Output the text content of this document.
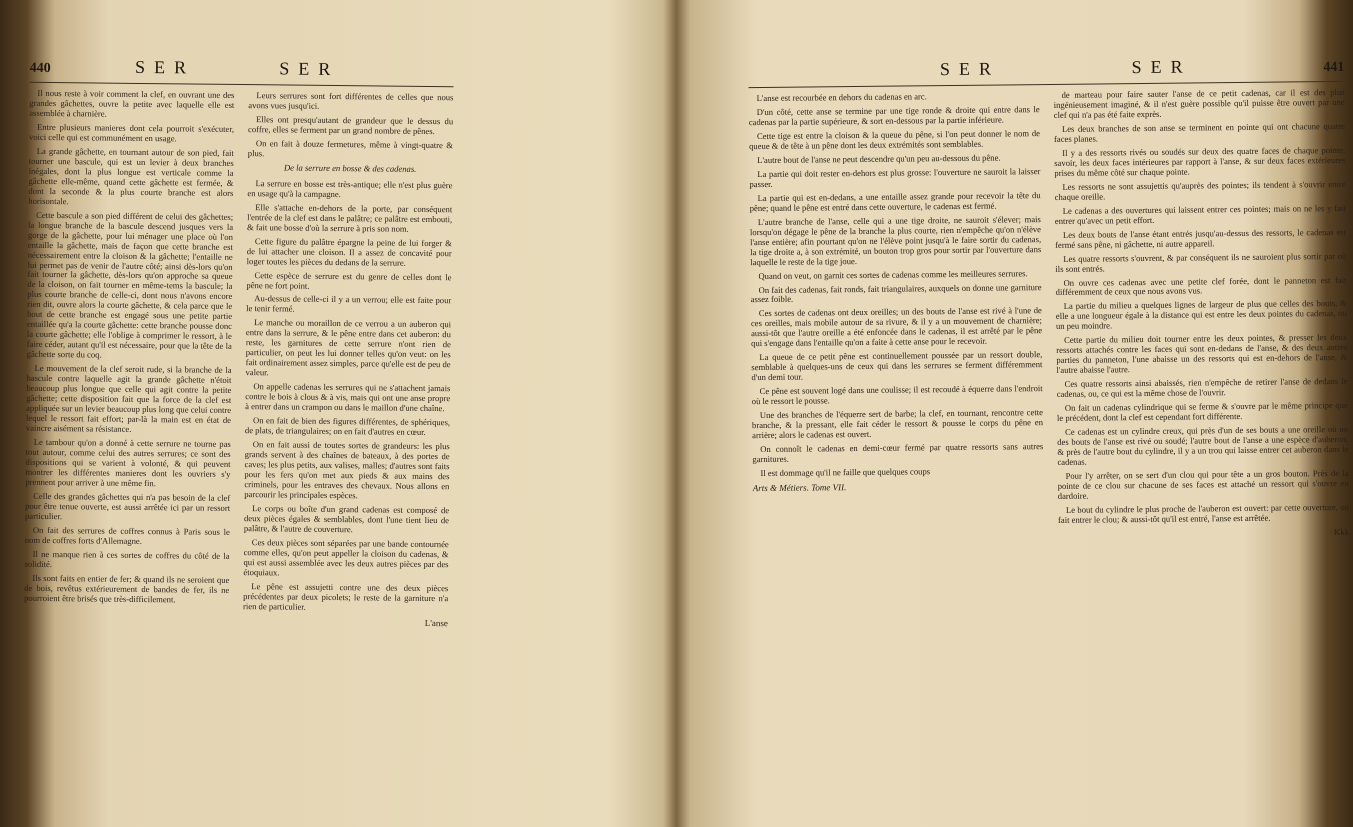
440	SER	SER

Il nous reste à voir comment la clef, en ouvrant une des grandes gâchettes, ouvre la petite avec laquelle elle est assemblée à charnière.

Entre plusieurs manieres dont cela pourroit s'exécuter, voici celle qui est communément en usage.

La grande gâchette, en tournant autour de son pied, fait tourner une bascule, qui est un levier à deux branches inégales, dont la plus longue est verticale comme la gâchette elle-même, quand cette gâchette est fermée, & dont la seconde & la plus courte branche est alors horisontale.

Cette bascule a son pied différent de celui des gâchettes; la longue branche de la bascule descend jusques vers la gorge de la gâchette, pour lui ménager une place où l'on entaille la gâchette, mais de façon que cette branche est nécessairement entre la cloison & la gâchette; l'entaille ne lui permet pas de venir de l'autre côté; ainsi dès-lors qu'on fait tourner la gâchette, dès-lors qu'on approche sa queue de la cloison, on fait tourner en même-tems la bascule; la plus courte branche de celle-ci, dont nous n'avons encore rien dit, ouvre alors la courte gâchette, & cela parce que le bout de cette branche est engagé sous une petite partie entaillée qu'a la courte gâchette: cette branche pousse donc la courte gâchette; elle l'oblige à comprimer le ressort, à le faire céder, autant qu'il est nécessaire, pour que la tête de la gâchette sorte du coq.

Le mouvement de la clef seroit rude, si la branche de la bascule contre laquelle agit la grande gâchette n'étoit beaucoup plus longue que celle qui agit contre la petite gâchette; cette disposition fait que la force de la clef est appliquée sur un levier beaucoup plus long que celui contre lequel le ressort fait effort; par-là la main est en état de vaincre aisément sa résistance.

Le tambour qu'on a donné à cette serrure ne tourne pas tout autour, comme celui des autres serrures; ce sont des dispositions qui se varient à volonté, & qui peuvent montrer les différentes manieres dont les ouvriers s'y prennent pour arriver à une même fin.

Celle des grandes gâchettes qui n'a pas besoin de la clef pour être tenue ouverte, est aussi arrêtée ici par un ressort particulier.

On fait des serrures de coffres connus à Paris sous le nom de coffres forts d'Allemagne.

Il ne manque rien à ces sortes de coffres du côté de la solidité.

Ils sont faits en entier de fer; & quand ils ne seroient que de bois, revêtus extérieurement de bandes de fer, ils ne pourroient être brisés que très-difficilement.

Leurs serrures sont fort différentes de celles que nous avons vues jusqu'ici.

Elles ont presqu'autant de grandeur que le dessus du coffre, elles se ferment par un grand nombre de pênes.

On en fait à douze fermetures, même à vingt-quatre & plus.

De la serrure en bosse & des cadenas.

La serrure en bosse est très-antique; elle n'est plus guère en usage qu'à la campagne.

Elle s'attache en-dehors de la porte, par conséquent l'entrée de la clef est dans le palâtre; ce palâtre est embouti, & fait une bosse d'où la serrure à pris son nom.

Cette figure du palâtre épargne la peine de lui forger & de lui attacher une cloison. Il a assez de concavité pour loger toutes les pièces du dedans de la serrure.

Cette espèce de serrure est du genre de celles dont le pêne ne fort point.

Au-dessus de celle-ci il y a un verrou; elle est faite pour le tenir fermé.

Le manche ou moraillon de ce verrou a un auberon qui entre dans la serrure, & le pêne entre dans cet auberon: du reste, les garnitures de cette serrure n'ont rien de particulier, on peut les lui donner telles qu'on veut: on les fait ordinairement assez simples, parce qu'elle est de peu de valeur.

On appelle cadenas les serrures qui ne s'attachent jamais contre le bois à clous & à vis, mais qui ont une anse propre à entrer dans un crampon ou dans le maillon d'une chaîne.

On en fait de bien des figures différentes, de sphériques, de plats, de triangulaires; on en fait d'autres en cœur.

On en fait aussi de toutes sortes de grandeurs: les plus grands servent à des chaînes de bateaux, à des portes de caves; les plus petits, aux valises, malles; d'autres sont faits pour les fers qu'on met aux pieds & aux mains des criminels, pour les entraves des chevaux. Nous allons en parcourir les principales espèces.

Le corps ou boîte d'un grand cadenas est composé de deux pièces égales & semblables, dont l'une tient lieu de palâtre, & l'autre de couverture.

Ces deux pièces sont séparées par une bande contournée comme elles, qu'on peut appeller la cloison du cadenas, & qui est aussi assemblée avec les deux autres pièces par des étoquiaux.

Le pêne est assujetti contre une des deux pièces précédentes par deux picolets; le reste de la garniture n'a rien de particulier.

L'anse
SER	SER	441

L'anse est recourbée en dehors du cadenas en arc.

D'un côté, cette anse se termine par une tige ronde & droite qui entre dans le cadenas par la partie supérieure, & sort en-dessous par la partie inférieure.

Cette tige est entre la cloison & la queue du pêne, si l'on peut donner le nom de queue & de tête à un pêne dont les deux extrémités sont semblables.

L'autre bout de l'anse ne peut descendre qu'un peu au-dessous du pêne.

La partie qui doit rester en-dehors est plus grosse: l'ouverture ne sauroit la laisser passer.

La partie qui est en-dedans, a une entaille assez grande pour recevoir la tête du pêne; quand le pêne est entré dans cette ouverture, le cadenas est fermé.

L'autre branche de l'anse, celle qui a une tige droite, ne sauroit s'élever; mais lorsqu'on dégage le pêne de la branche la plus courte, rien n'empêche qu'on n'élève l'anse entière; afin pourtant qu'on ne l'élève point jusqu'à le faire sortir du cadenas, la tige droite a, à son extrémité, un bouton trop gros pour sortir par l'ouverture dans laquelle le reste de la tige joue.

Quand on veut, on garnit ces sortes de cadenas comme les meilleures serrures.

On fait des cadenas, fait ronds, fait triangulaires, auxquels on donne une garniture assez foible.

Ces sortes de cadenas ont deux oreilles; un des bouts de l'anse est rivé à l'une de ces oreilles, mais mobile autour de sa rivure, & il y a un mouvement de charnière; aussi-tôt que l'autre oreille a été enfoncée dans le cadenas, il est arrêté par le pêne qui s'engage dans l'entaille qu'on a faite à cette anse pour le recevoir.

La queue de ce petit pêne est continuellement poussée par un ressort double, semblable à quelques-uns de ceux qui dans les serrures se ferment différemment d'un demi tour.

Ce pêne est souvent logé dans une coulisse; il est recoudé à équerre dans l'endroit où le ressort le pousse.

Une des branches de l'équerre sert de barbe; la clef, en tournant, rencontre cette branche, & la pressant, elle fait céder le ressort & pousse le corps du pêne en arrière; alors le cadenas est ouvert.

On connoît le cadenas en demi-cœur fermé par quatre ressorts sans autres garnitures.

Il est dommage qu'il ne faille que quelques coups

Arts & Métiers. Tome VII.

de marteau pour faire sauter l'anse de ce petit cadenas, car il est des plus ingénieusement imaginé, & il n'est guère possible qu'il puisse être ouvert par une clef qui n'a pas été faite exprès.

Les deux branches de son anse se terminent en pointe qui ont chacune quatre faces planes.

Il y a des ressorts rivés ou soudés sur deux des quatre faces de chaque pointe, savoir, les deux faces intérieures par rapport à l'anse, & sur deux faces extérieures prises du même côté sur chaque pointe.

Les ressorts ne sont assujettis qu'auprès des pointes; ils tendent à s'ouvrir entre chaque oreille.

Le cadenas a des ouvertures qui laissent entrer ces pointes; mais on ne les y fait entrer qu'avec un petit effort.

Les deux bouts de l'anse étant entrés jusqu'au-dessus des ressorts, le cadenas est fermé sans pêne, ni gâchette, ni autre appareil.

Les quatre ressorts s'ouvrent, & par conséquent ils ne sauroient plus sortir par où ils sont entrés.

On ouvre ces cadenas avec une petite clef forée, dont le panneton est fait différemment de ceux que nous avons vus.

La partie du milieu a quelques lignes de largeur de plus que celles des bouts, & elle a une longueur égale à la distance qui est entre les deux pointes du cadenas, ou un peu moindre.

Cette partie du milieu doit tourner entre les deux pointes, & presser les deux ressorts attachés contre les faces qui sont en-dedans de l'anse, & des deux autres parties du panneton, l'une abaisse un des ressorts qui est en-dehors de l'anse, & l'autre abaisse l'autre.

Ces quatre ressorts ainsi abaissés, rien n'empêche de retirer l'anse de dedans le cadenas, ou, ce qui est la même chose de l'ouvrir.

On fait un cadenas cylindrique qui se ferme & s'ouvre par le même principe que le précédent, dont la clef est cependant fort différente.

Ce cadenas est un cylindre creux, qui près d'un de ses bouts a une oreille où un des bouts de l'anse est rivé ou soudé; l'autre bout de l'anse a une espèce d'auberon; & près de l'autre bout du cylindre, il y a un trou qui laisse entrer cet auberon dans le cadenas.

Pour l'y arrêter, on se sert d'un clou qui pour tête a un gros bouton. Près de la pointe de ce clou sur chacune de ses faces est attaché un ressort qui s'ouvre en dardoire.

Le bout du cylindre le plus proche de l'auberon est ouvert: par cette ouverture, on fait entrer le clou; & aussi-tôt qu'il est entré, l'anse est arrêtée.

Kkk
